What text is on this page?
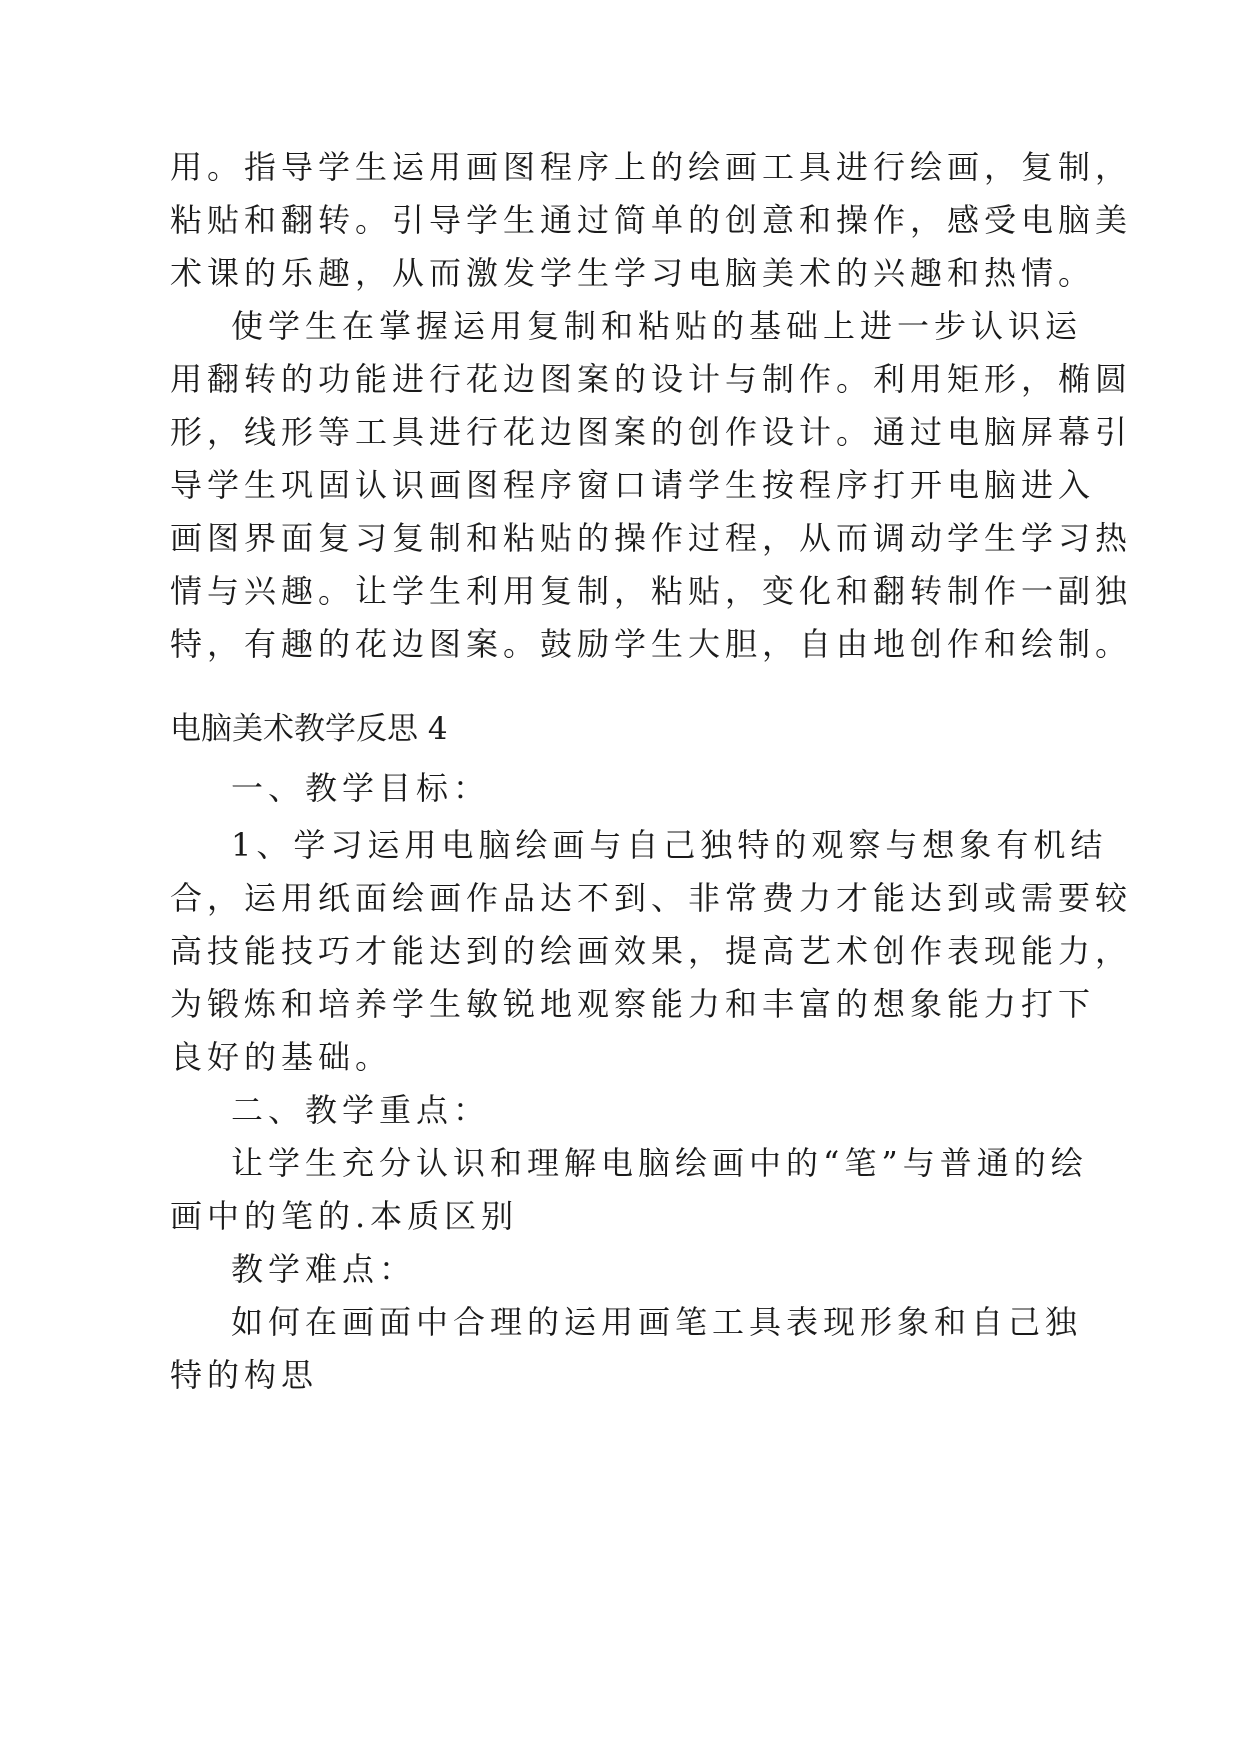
用。指导学生运用画图程序上的绘画工具进行绘画，复制，
粘贴和翻转。引导学生通过简单的创意和操作，感受电脑美
术课的乐趣，从而激发学生学习电脑美术的兴趣和热情。
使学生在掌握运用复制和粘贴的基础上进一步认识运
用翻转的功能进行花边图案的设计与制作。利用矩形，椭圆
形，线形等工具进行花边图案的创作设计。通过电脑屏幕引
导学生巩固认识画图程序窗口请学生按程序打开电脑进入
画图界面复习复制和粘贴的操作过程，从而调动学生学习热
情与兴趣。让学生利用复制，粘贴，变化和翻转制作一副独
特，有趣的花边图案。鼓励学生大胆，自由地创作和绘制。
电脑美术教学反思 4
一、教学目标：
1、学习运用电脑绘画与自己独特的观察与想象有机结
合，运用纸面绘画作品达不到、非常费力才能达到或需要较
高技能技巧才能达到的绘画效果，提高艺术创作表现能力，
为锻炼和培养学生敏锐地观察能力和丰富的想象能力打下
良好的基础。
二、教学重点：
让学生充分认识和理解电脑绘画中的“笔”与普通的绘
画中的笔的.本质区别
教学难点：
如何在画面中合理的运用画笔工具表现形象和自己独
特的构思
